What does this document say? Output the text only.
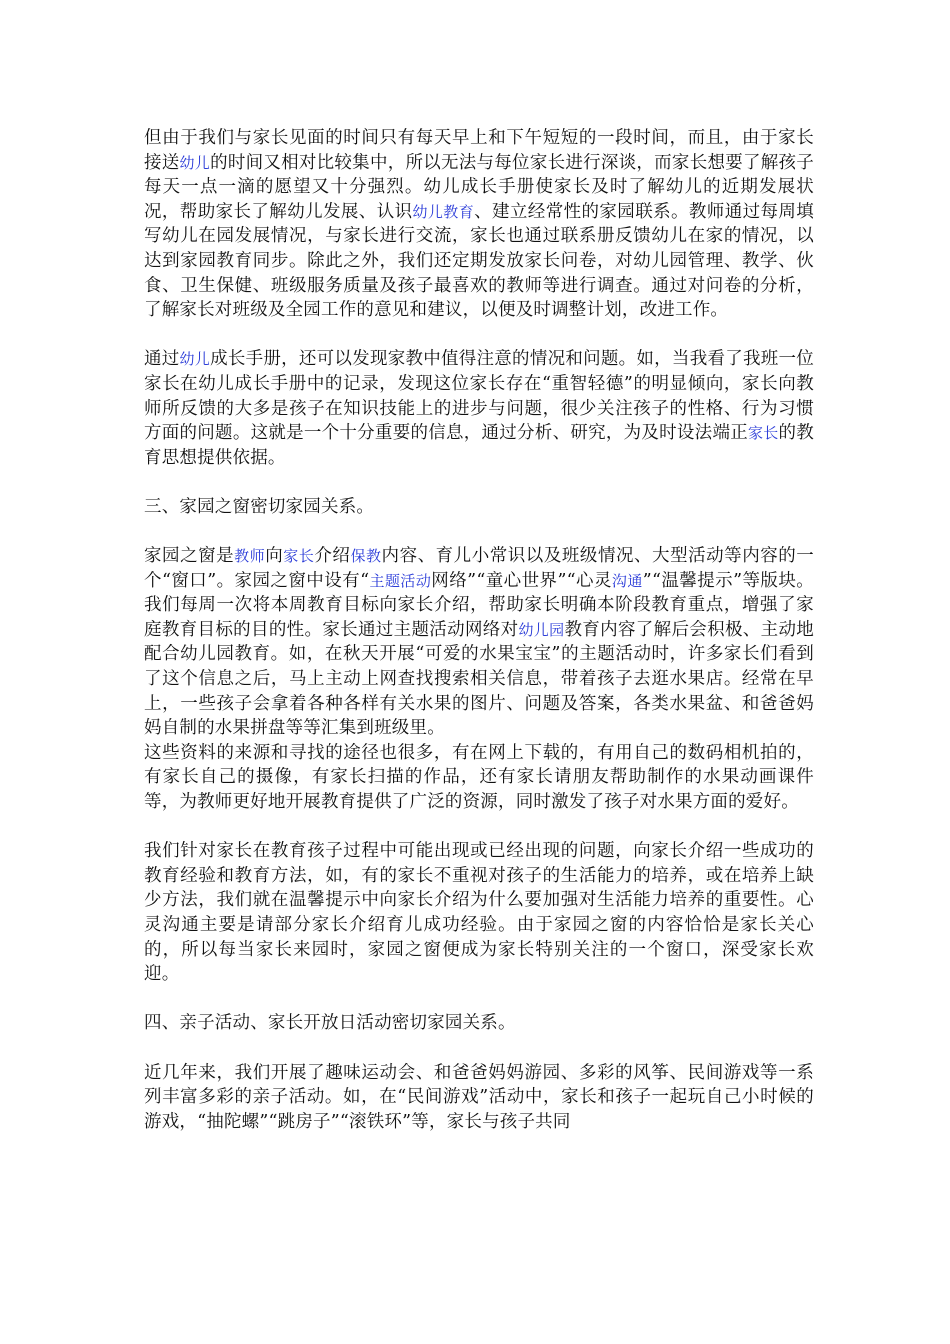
但由于我们与家长见面的时间只有每天早上和下午短短的一段时间，而且，由于家长接送幼儿的时间又相对比较集中，所以无法与每位家长进行深谈，而家长想要了解孩子每天一点一滴的愿望又十分强烈。幼儿成长手册使家长及时了解幼儿的近期发展状况，帮助家长了解幼儿发展、认识幼儿教育、建立经常性的家园联系。教师通过每周填写幼儿在园发展情况，与家长进行交流，家长也通过联系册反馈幼儿在家的情况，以达到家园教育同步。除此之外，我们还定期发放家长问卷，对幼儿园管理、教学、伙食、卫生保健、班级服务质量及孩子最喜欢的教师等进行调查。通过对问卷的分析，了解家长对班级及全园工作的意见和建议，以便及时调整计划，改进工作。

通过幼儿成长手册，还可以发现家教中值得注意的情况和问题。如，当我看了我班一位家长在幼儿成长手册中的记录，发现这位家长存在“重智轻德”的明显倾向，家长向教师所反馈的大多是孩子在知识技能上的进步与问题，很少关注孩子的性格、行为习惯方面的问题。这就是一个十分重要的信息，通过分析、研究，为及时设法端正家长的教育思想提供依据。

三、家园之窗密切家园关系。

家园之窗是教师向家长介绍保教内容、育儿小常识以及班级情况、大型活动等内容的一个“窗口”。家园之窗中设有“主题活动网络”“童心世界”“心灵沟通”“温馨提示”等版块。我们每周一次将本周教育目标向家长介绍，帮助家长明确本阶段教育重点，增强了家庭教育目标的目的性。家长通过主题活动网络对幼儿园教育内容了解后会积极、主动地配合幼儿园教育。如，在秋天开展“可爱的水果宝宝”的主题活动时，许多家长们看到了这个信息之后，马上主动上网查找搜索相关信息，带着孩子去逛水果店。经常在早上，一些孩子会拿着各种各样有关水果的图片、问题及答案，各类水果盆、和爸爸妈妈自制的水果拼盘等等汇集到班级里。

这些资料的来源和寻找的途径也很多，有在网上下载的，有用自己的数码相机拍的，有家长自己的摄像，有家长扫描的作品，还有家长请朋友帮助制作的水果动画课件等，为教师更好地开展教育提供了广泛的资源，同时激发了孩子对水果方面的爱好。

我们针对家长在教育孩子过程中可能出现或已经出现的问题，向家长介绍一些成功的教育经验和教育方法，如，有的家长不重视对孩子的生活能力的培养，或在培养上缺少方法，我们就在温馨提示中向家长介绍为什么要加强对生活能力培养的重要性。心灵沟通主要是请部分家长介绍育儿成功经验。由于家园之窗的内容恰恰是家长关心的，所以每当家长来园时，家园之窗便成为家长特别关注的一个窗口，深受家长欢迎。

四、亲子活动、家长开放日活动密切家园关系。

近几年来，我们开展了趣味运动会、和爸爸妈妈游园、多彩的风筝、民间游戏等一系列丰富多彩的亲子活动。如，在“民间游戏”活动中，家长和孩子一起玩自己小时候的游戏，“抽陀螺”“跳房子”“滚铁环”等，家长与孩子共同
